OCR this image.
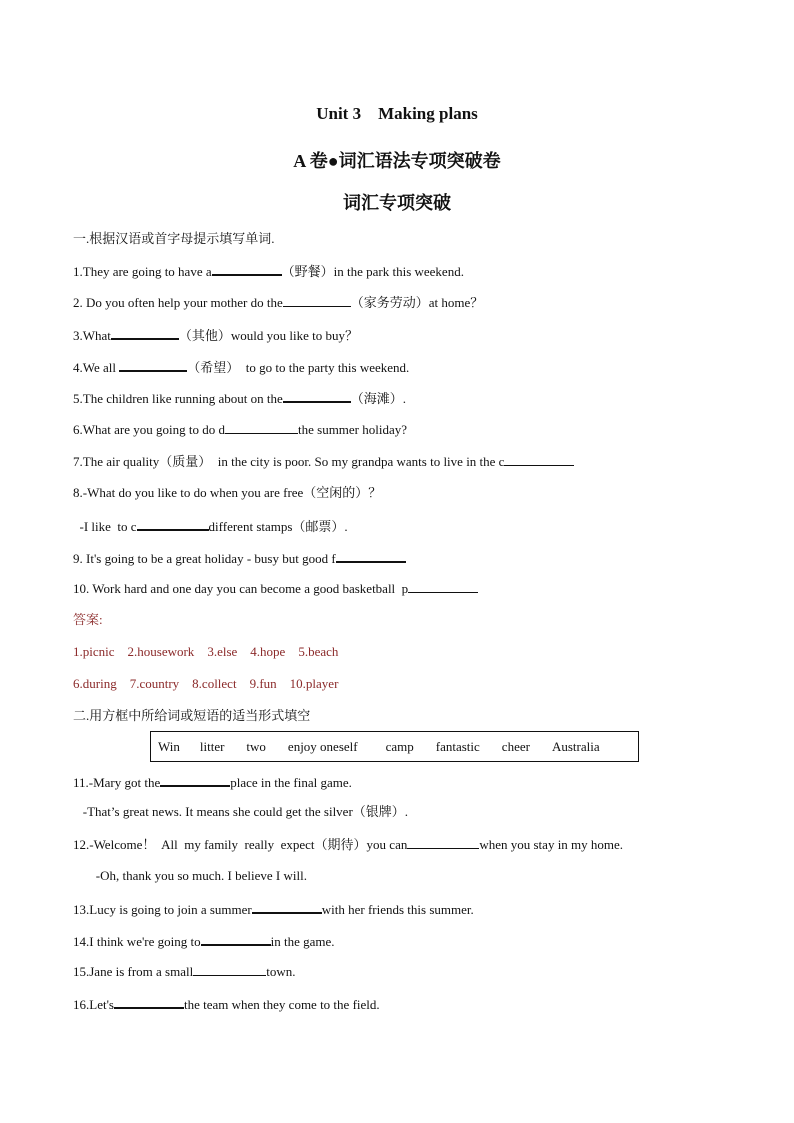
Unit 3    Making plans
A 卷●词汇语法专项突破卷
词汇专项突破
一.根据汉语或首字母提示填写单词.
1.They are going to have a	（野餐）in the park this weekend.
2. Do you often help your mother do the	（家务劳动）at home？
3.What	（其他）would you like to buy？
4.We all	（希望）  to go to the party this weekend.
5.The children like running about on the	（海滩）.
6.What are you going to do d	the summer holiday?
7.The air quality（质量）  in the city is poor. So my grandpa wants to live in the c
8.-What do you like to do when you are free（空闲的）？
-I like  to c	different stamps（邮票）.
9. It's going to be a great holiday - busy but good f
10. Work hard and one day you can become a good basketball  p
答案:
1.picnic 2.housework 3.else 4.hope 5.beach
6.during 7.country 8.collect 9.fun 10.player
二.用方框中所给词或短语的适当形式填空
Win litter two enjoy oneself camp fantastic cheer Australia
11.-Mary got the	place in the final game.
-That’s great news. It means she could get the silver（银牌）.
12.-Welcome！  All  my family  really  expect（期待）you can	when you stay in my home.
-Oh, thank you so much. I believe I will.
13.Lucy is going to join a summer	with her friends this summer.
14.I think we're going to	in the game.
15.Jane is from a small	town.
16.Let's	the team when they come to the field.
